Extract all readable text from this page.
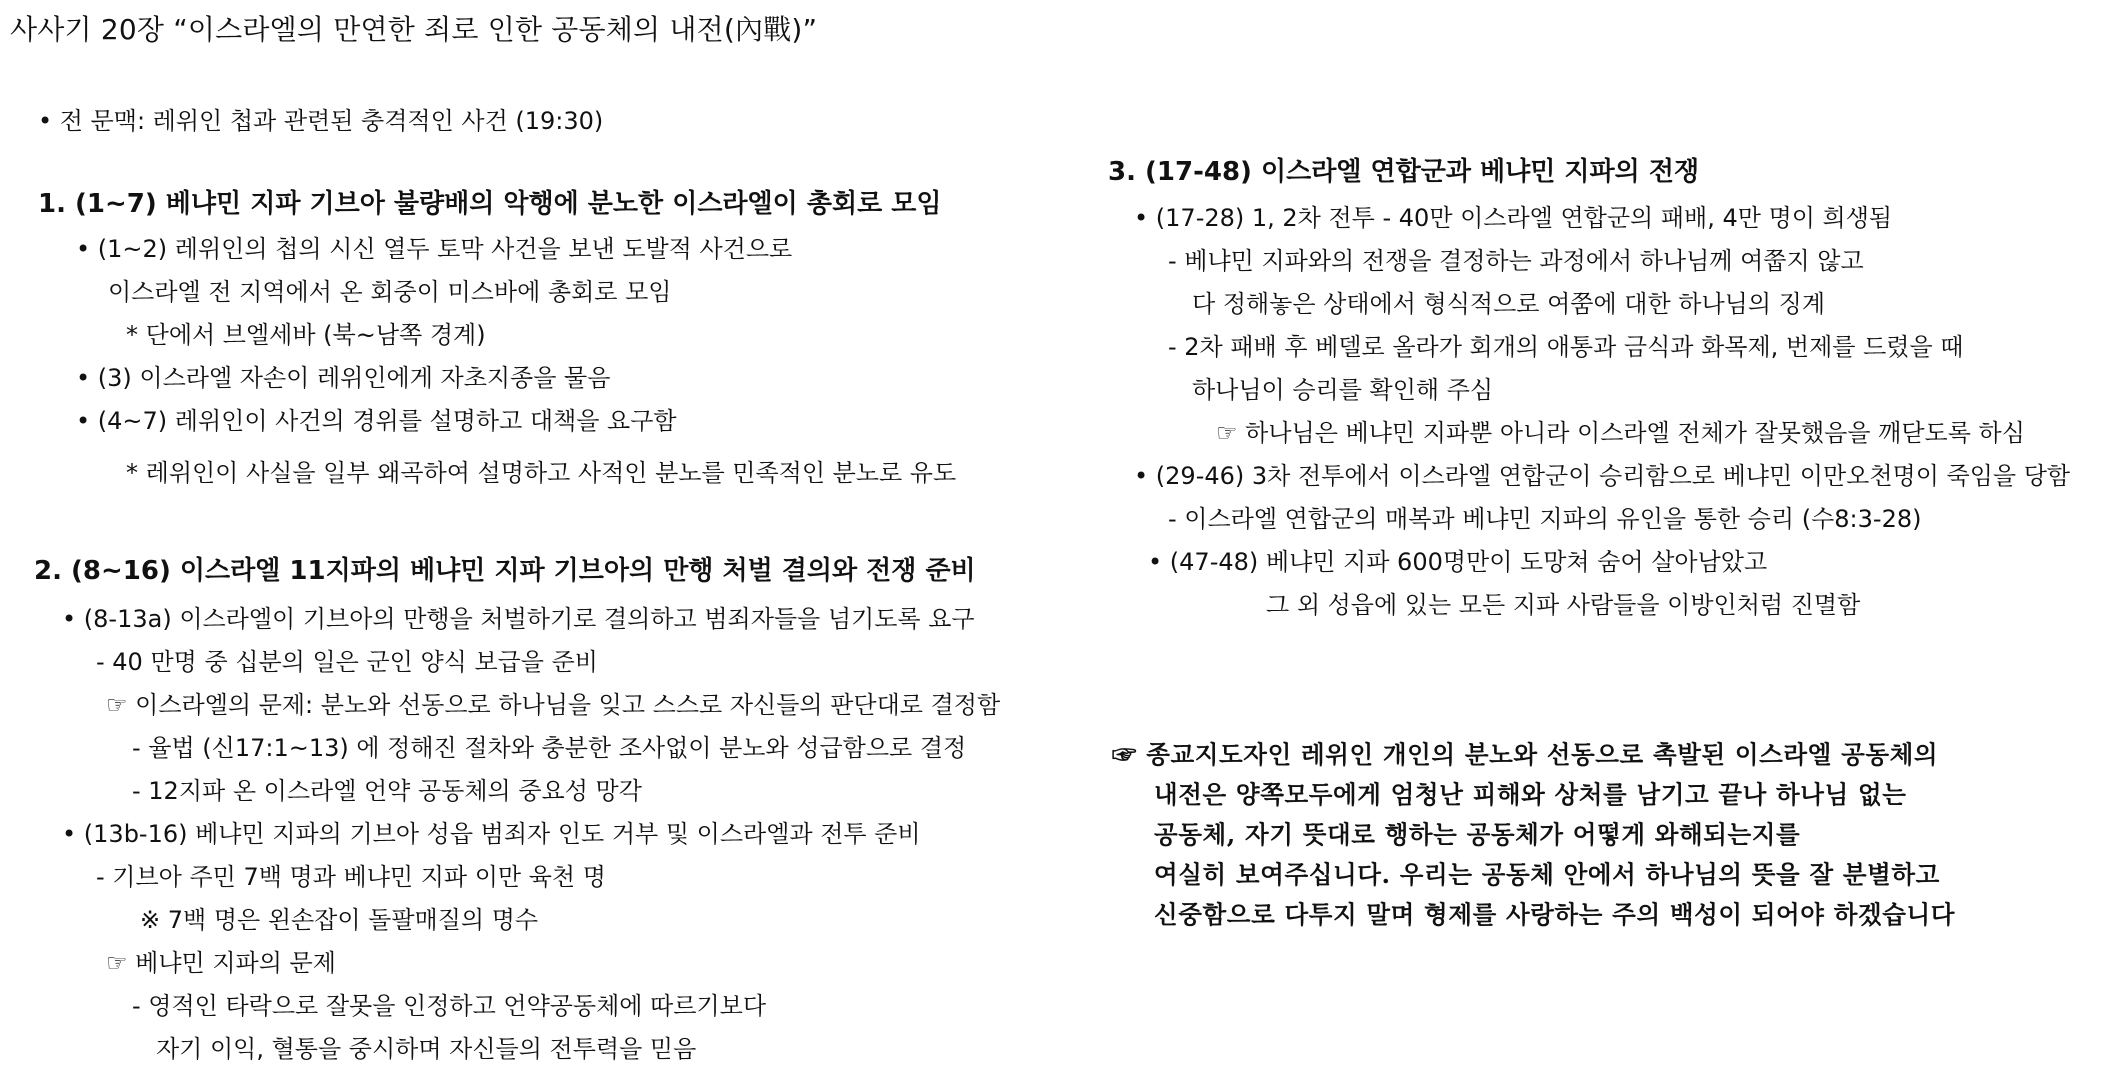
사사기 20장 “이스라엘의 만연한 죄로 인한 공동체의 내전(內戰)”
• 전 문맥: 레위인 첩과 관련된 충격적인 사건 (19:30)
1. (1~7) 베냐민 지파 기브아 불량배의 악행에 분노한 이스라엘이 총회로 모임
• (1~2) 레위인의 첩의 시신 열두 토막 사건을 보낸 도발적 사건으로
이스라엘 전 지역에서 온 회중이 미스바에 총회로 모임
* 단에서 브엘세바 (북~남쪽 경계)
• (3) 이스라엘 자손이 레위인에게 자초지종을 물음
• (4~7) 레위인이 사건의 경위를 설명하고 대책을 요구함
* 레위인이 사실을 일부 왜곡하여 설명하고 사적인 분노를 민족적인 분노로 유도
2. (8~16) 이스라엘 11지파의 베냐민 지파 기브아의 만행 처벌 결의와 전쟁 준비
• (8-13a) 이스라엘이 기브아의 만행을 처벌하기로 결의하고 범죄자들을 넘기도록 요구
- 40 만명 중 십분의 일은 군인 양식 보급을 준비
☞ 이스라엘의 문제: 분노와 선동으로 하나님을 잊고 스스로 자신들의 판단대로 결정함
- 율법 (신17:1~13) 에 정해진 절차와 충분한 조사없이 분노와 성급함으로 결정
- 12지파 온 이스라엘 언약 공동체의 중요성 망각
• (13b-16) 베냐민 지파의 기브아 성읍 범죄자 인도 거부 및 이스라엘과 전투 준비
- 기브아 주민 7백 명과 베냐민 지파 이만 육천 명
※ 7백 명은 왼손잡이 돌팔매질의 명수
☞ 베냐민 지파의 문제
- 영적인 타락으로 잘못을 인정하고 언약공동체에 따르기보다
자기 이익, 혈통을 중시하며 자신들의 전투력을 믿음
3. (17-48) 이스라엘 연합군과 베냐민 지파의 전쟁
• (17-28) 1, 2차 전투 - 40만 이스라엘 연합군의 패배, 4만 명이 희생됨
- 베냐민 지파와의 전쟁을 결정하는 과정에서 하나님께 여쭙지 않고
다 정해놓은 상태에서 형식적으로 여쭘에 대한 하나님의 징계
- 2차 패배 후 베델로 올라가 회개의 애통과 금식과 화목제, 번제를 드렸을 때
하나님이 승리를 확인해 주심
☞ 하나님은 베냐민 지파뿐 아니라 이스라엘 전체가 잘못했음을 깨닫도록 하심
• (29-46) 3차 전투에서 이스라엘 연합군이 승리함으로 베냐민 이만오천명이 죽임을 당함
- 이스라엘 연합군의 매복과 베냐민 지파의 유인을 통한 승리 (수8:3-28)
• (47-48) 베냐민 지파 600명만이 도망쳐 숨어 살아남았고
그 외 성읍에 있는 모든 지파 사람들을 이방인처럼 진멸함
☞ 종교지도자인 레위인 개인의 분노와 선동으로 촉발된 이스라엘 공동체의
내전은 양쪽모두에게 엄청난 피해와 상처를 남기고 끝나 하나님 없는
공동체, 자기 뜻대로 행하는 공동체가 어떻게 와해되는지를
여실히 보여주십니다. 우리는 공동체 안에서 하나님의 뜻을 잘 분별하고
신중함으로 다투지 말며 형제를 사랑하는 주의 백성이 되어야 하겠습니다
